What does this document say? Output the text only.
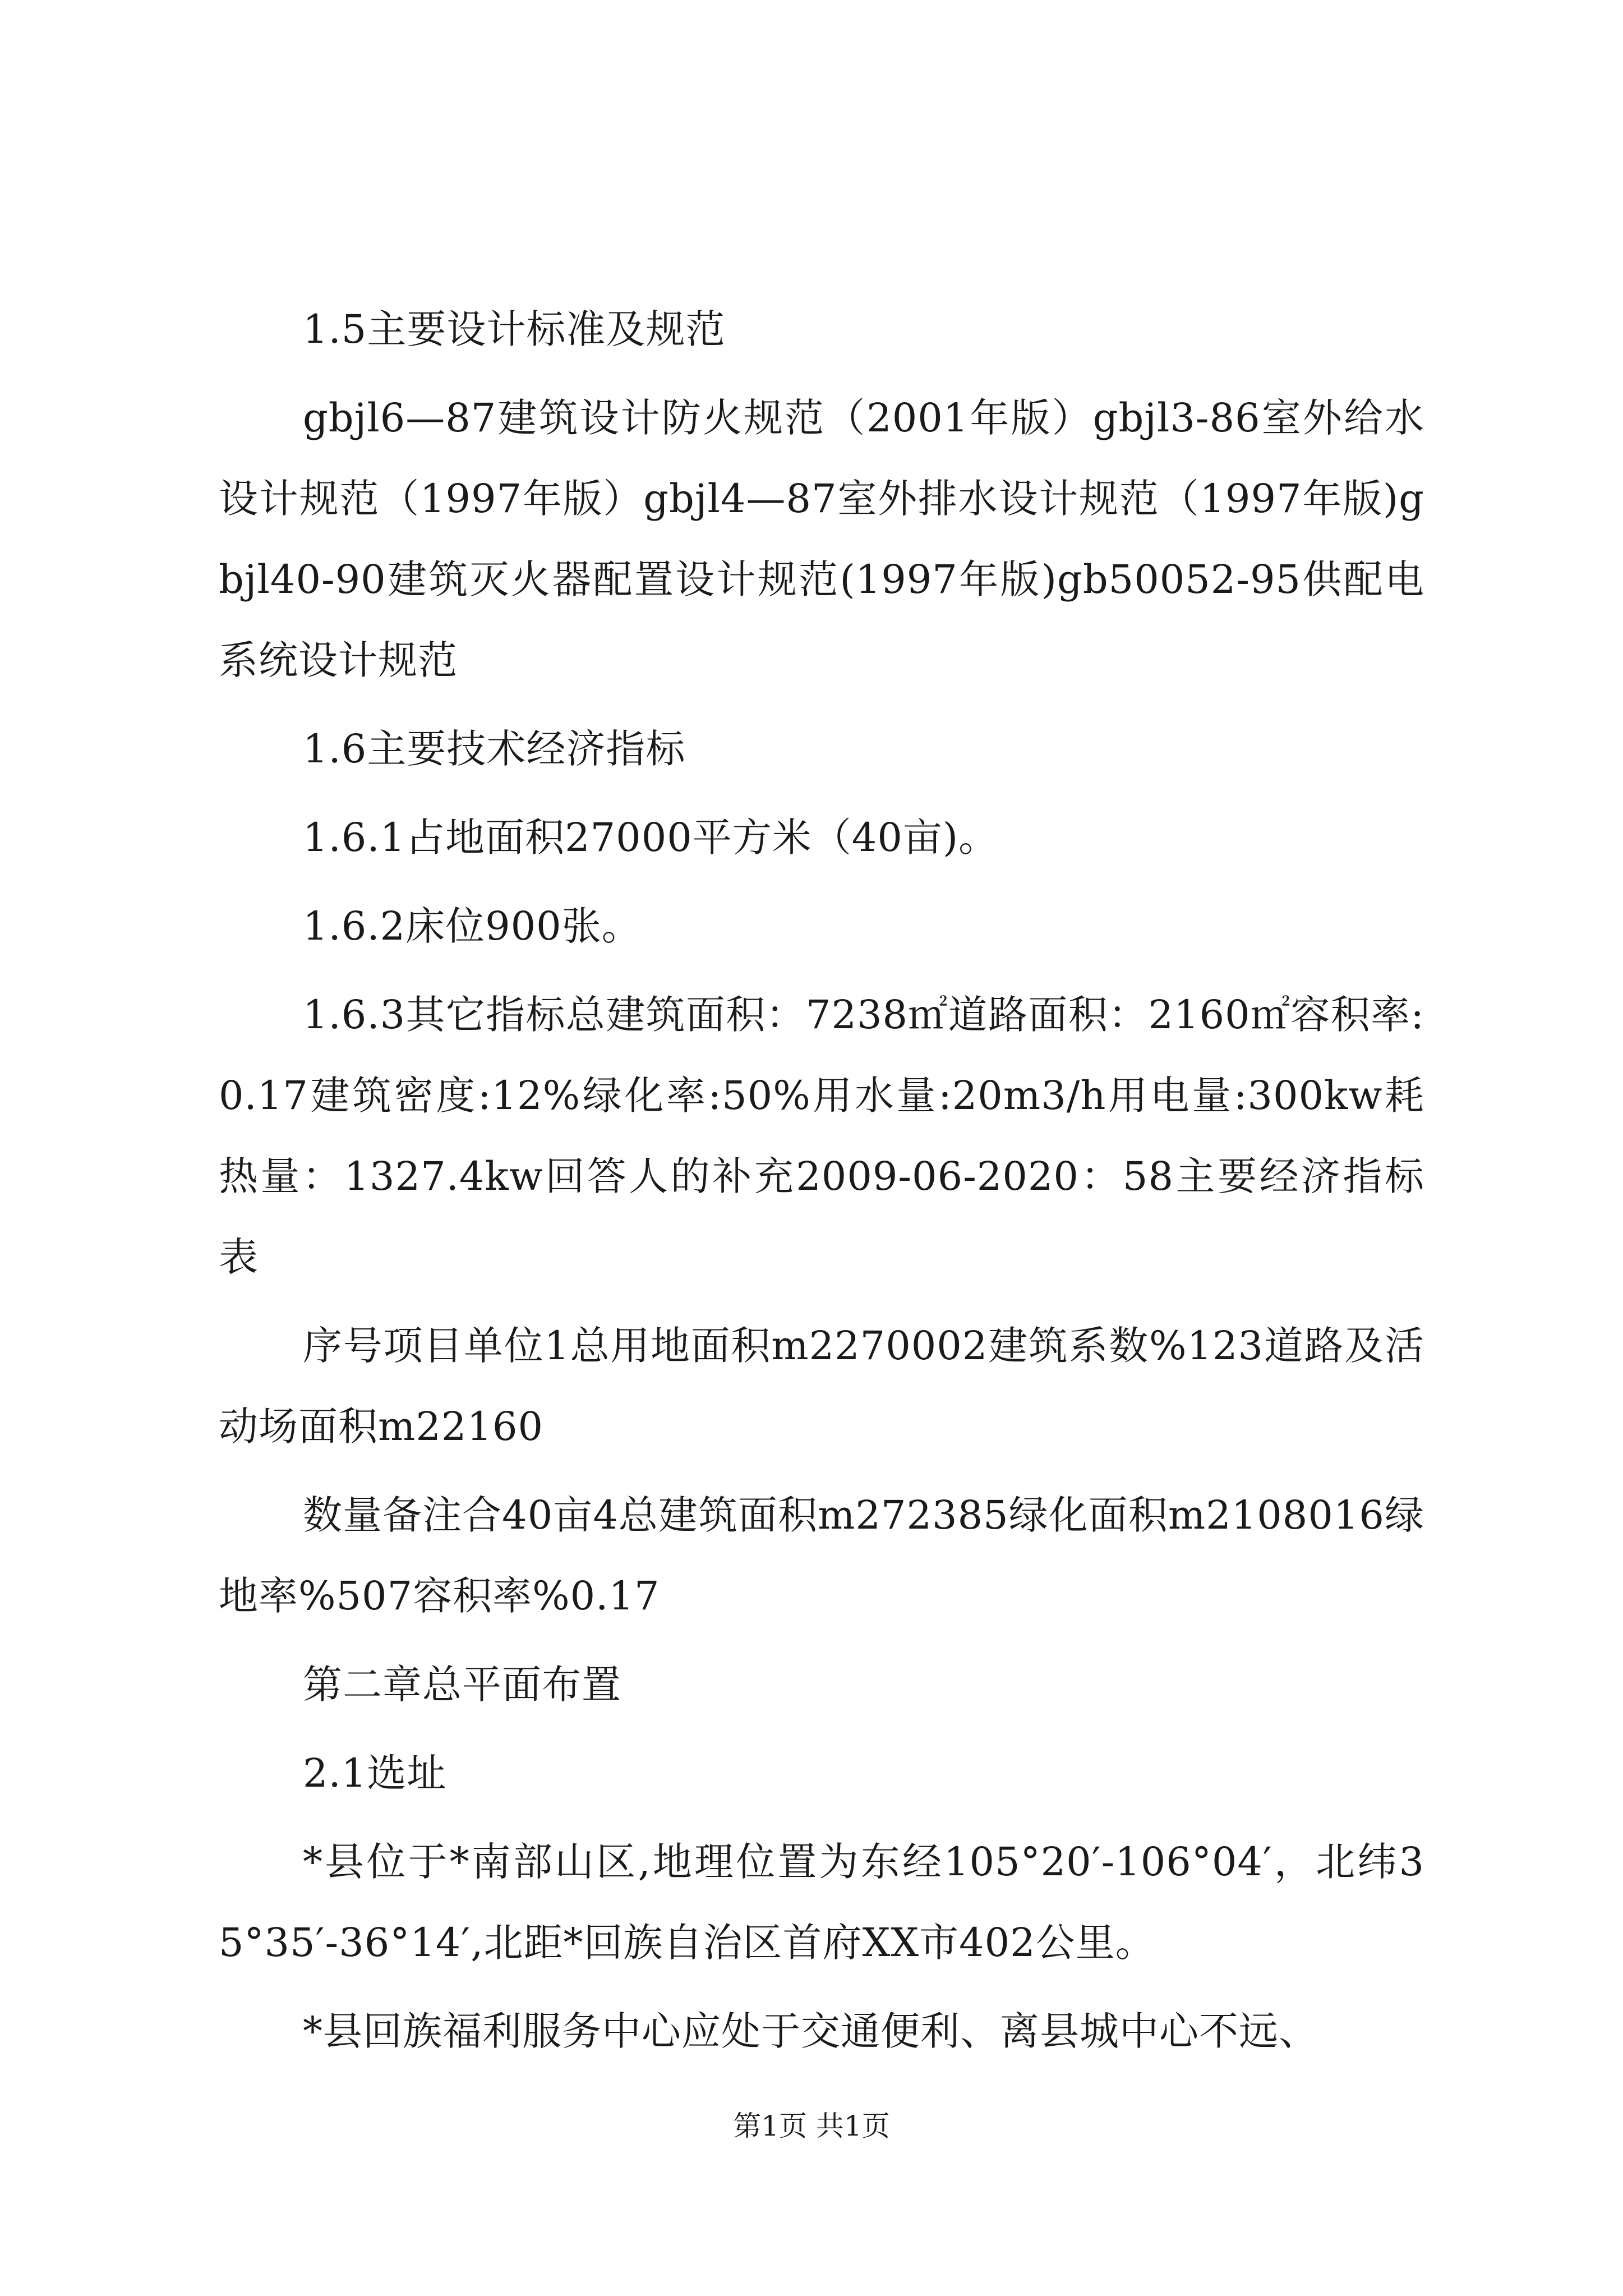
1.5主要设计标准及规范

gbjl6—87建筑设计防火规范（2001年版）gbjl3-86室外给水设计规范（1997年版）gbjl4—87室外排水设计规范（1997年版)gbjl40-90建筑灭火器配置设计规范(1997年版)gb50052-95供配电系统设计规范

1.6主要技术经济指标

1.6.1占地面积27000平方米（40亩)。

1.6.2床位900张。

1.6.3其它指标总建筑面积：7238㎡道路面积：2160㎡容积率:0.17建筑密度:12%绿化率:50%用水量:20m3/h用电量:300kw耗热量：1327.4kw回答人的补充2009-06-2020：58主要经济指标表

序号项目单位1总用地面积m2270002建筑系数%123道路及活动场面积m22160

数量备注合40亩4总建筑面积m272385绿化面积m2108016绿地率%507容积率%0.17

第二章总平面布置

2.1选址

*县位于*南部山区,地理位置为东经105°20′-106°04′，北纬35°35′-36°14′,北距*回族自治区首府XX市402公里。

*县回族福利服务中心应处于交通便利、离县城中心不远、

第1页 共1页
